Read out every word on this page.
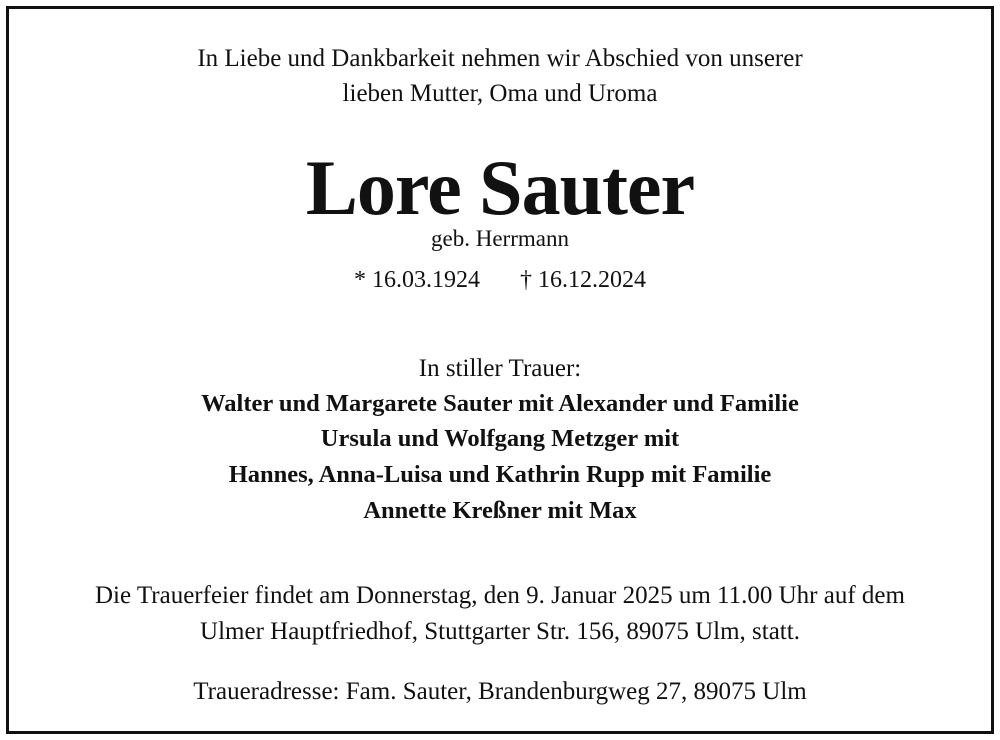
In Liebe und Dankbarkeit nehmen wir Abschied von unserer
lieben Mutter, Oma und Uroma
Lore Sauter
geb. Herrmann
* 16.03.1924 † 16.12.2024
In stiller Trauer:
Walter und Margarete Sauter mit Alexander und Familie
Ursula und Wolfgang Metzger mit
Hannes, Anna-Luisa und Kathrin Rupp mit Familie
Annette Kreßner mit Max
Die Trauerfeier findet am Donnerstag, den 9. Januar 2025 um 11.00 Uhr auf dem
Ulmer Hauptfriedhof, Stuttgarter Str. 156, 89075 Ulm, statt.
Traueradresse: Fam. Sauter, Brandenburgweg 27, 89075 Ulm
